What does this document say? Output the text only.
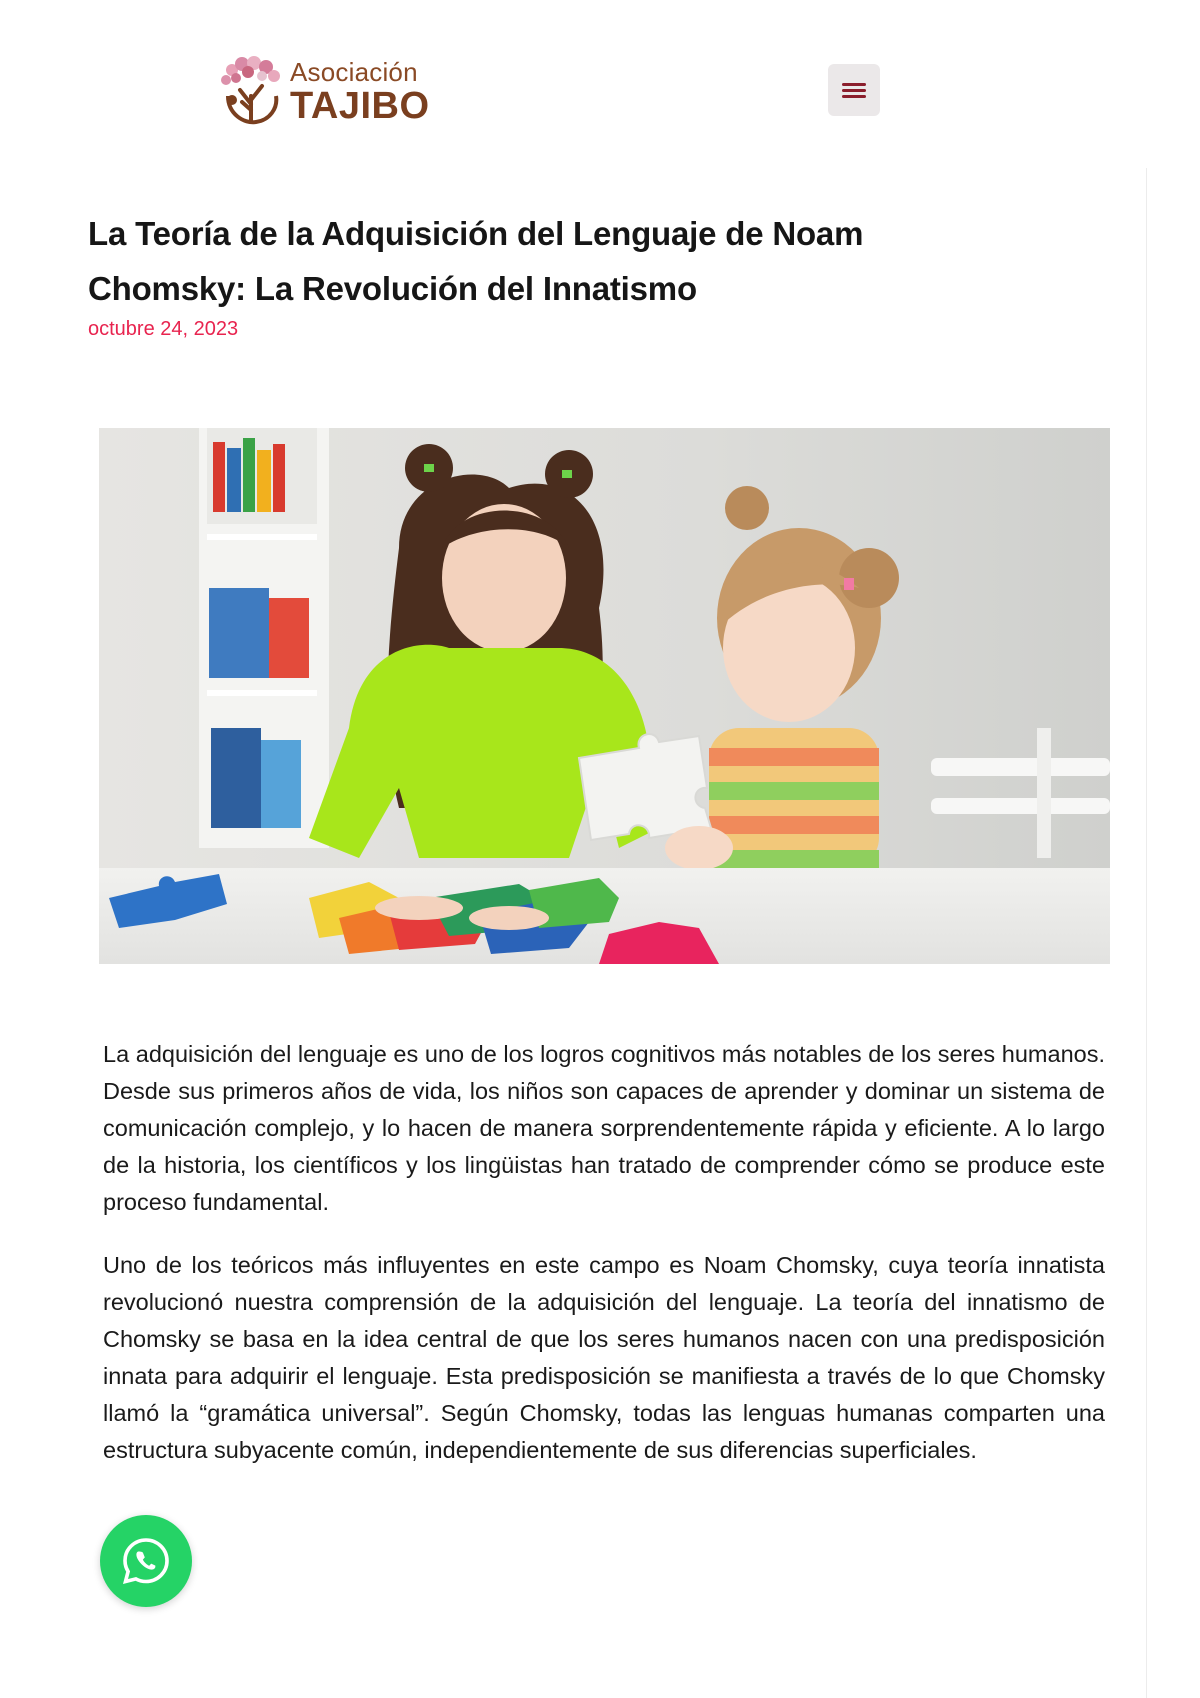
Asociación
TAJIBO
La Teoría de la Adquisición del Lenguaje de Noam Chomsky: La Revolución del Innatismo
octubre 24, 2023

La adquisición del lenguaje es uno de los logros cognitivos más notables de los seres humanos. Desde sus primeros años de vida, los niños son capaces de aprender y dominar un sistema de comunicación complejo, y lo hacen de manera sorprendentemente rápida y eficiente. A lo largo de la historia, los científicos y los lingüistas han tratado de comprender cómo se produce este proceso fundamental.

Uno de los teóricos más influyentes en este campo es Noam Chomsky, cuya teoría innatista revolucionó nuestra comprensión de la adquisición del lenguaje. La teoría del innatismo de Chomsky se basa en la idea central de que los seres humanos nacen con una predisposición innata para adquirir el lenguaje. Esta predisposición se manifiesta a través de lo que Chomsky llamó la “gramática universal”. Según Chomsky, todas las lenguas humanas comparten una estructura subyacente común, independientemente de sus diferencias superficiales.
